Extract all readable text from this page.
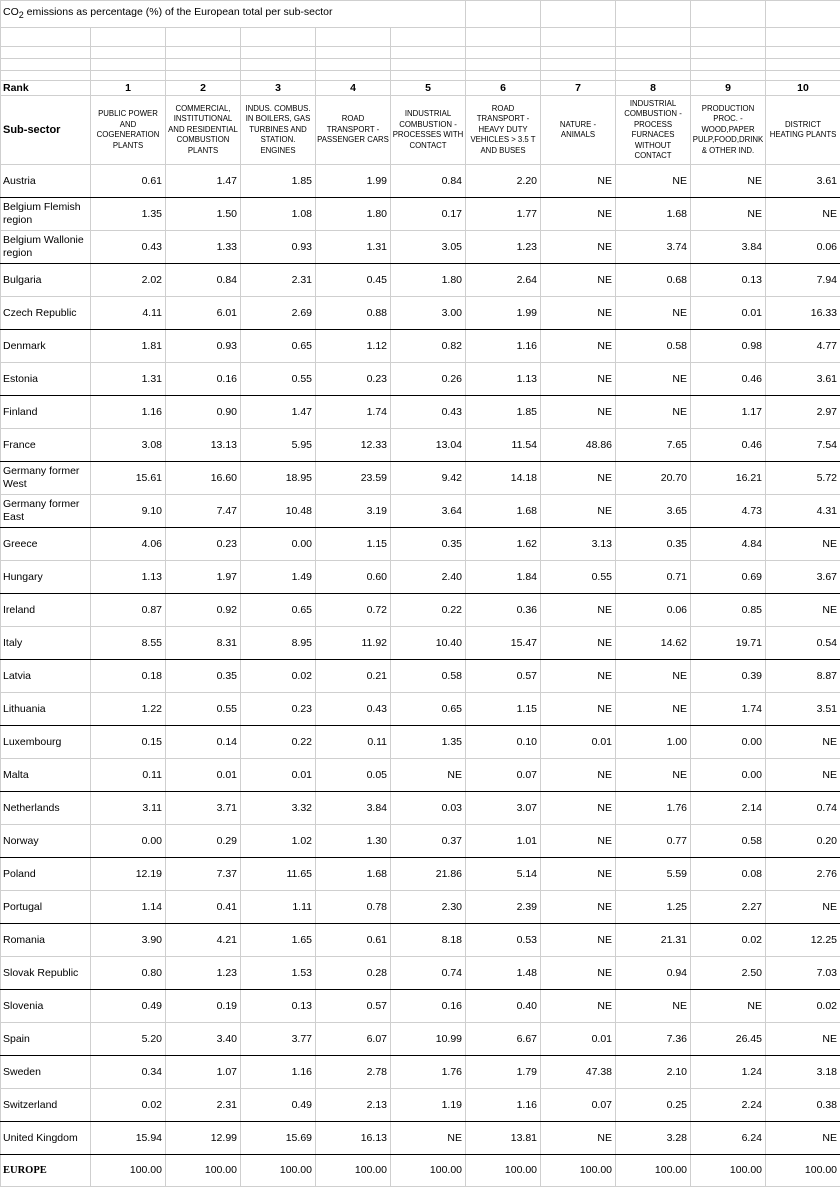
$CO_2$ emissions as percentage (%) of the European total per sub-sector										

Rank	1	2	3	4	5	6	7	8	9	10
Sub-sector	PUBLIC POWER AND COGENERATION PLANTS	COMMERCIAL, INSTITUTIONAL AND RESIDENTIAL COMBUSTION PLANTS	INDUS. COMBUS. IN BOILERS, GAS TURBINES AND STATION. ENGINES	ROAD TRANSPORT - PASSENGER CARS	INDUSTRIAL COMBUSTION - PROCESSES WITH CONTACT	ROAD TRANSPORT - HEAVY DUTY VEHICLES > 3.5 T AND BUSES	NATURE - ANIMALS	INDUSTRIAL COMBUSTION - PROCESS FURNACES WITHOUT CONTACT	PRODUCTION PROC. - WOOD,PAPER PULP,FOOD,DRINK & OTHER IND.	DISTRICT HEATING PLANTS
Austria	0.61	1.47	1.85	1.99	0.84	2.20	NE	NE	NE	3.61
Belgium Flemish region	1.35	1.50	1.08	1.80	0.17	1.77	NE	1.68	NE	NE
Belgium Wallonie region	0.43	1.33	0.93	1.31	3.05	1.23	NE	3.74	3.84	0.06
Bulgaria	2.02	0.84	2.31	0.45	1.80	2.64	NE	0.68	0.13	7.94
Czech Republic	4.11	6.01	2.69	0.88	3.00	1.99	NE	NE	0.01	16.33
Denmark	1.81	0.93	0.65	1.12	0.82	1.16	NE	0.58	0.98	4.77
Estonia	1.31	0.16	0.55	0.23	0.26	1.13	NE	NE	0.46	3.61
Finland	1.16	0.90	1.47	1.74	0.43	1.85	NE	NE	1.17	2.97
France	3.08	13.13	5.95	12.33	13.04	11.54	48.86	7.65	0.46	7.54
Germany former West	15.61	16.60	18.95	23.59	9.42	14.18	NE	20.70	16.21	5.72
Germany former East	9.10	7.47	10.48	3.19	3.64	1.68	NE	3.65	4.73	4.31
Greece	4.06	0.23	0.00	1.15	0.35	1.62	3.13	0.35	4.84	NE
Hungary	1.13	1.97	1.49	0.60	2.40	1.84	0.55	0.71	0.69	3.67
Ireland	0.87	0.92	0.65	0.72	0.22	0.36	NE	0.06	0.85	NE
Italy	8.55	8.31	8.95	11.92	10.40	15.47	NE	14.62	19.71	0.54
Latvia	0.18	0.35	0.02	0.21	0.58	0.57	NE	NE	0.39	8.87
Lithuania	1.22	0.55	0.23	0.43	0.65	1.15	NE	NE	1.74	3.51
Luxembourg	0.15	0.14	0.22	0.11	1.35	0.10	0.01	1.00	0.00	NE
Malta	0.11	0.01	0.01	0.05	NE	0.07	NE	NE	0.00	NE
Netherlands	3.11	3.71	3.32	3.84	0.03	3.07	NE	1.76	2.14	0.74
Norway	0.00	0.29	1.02	1.30	0.37	1.01	NE	0.77	0.58	0.20
Poland	12.19	7.37	11.65	1.68	21.86	5.14	NE	5.59	0.08	2.76
Portugal	1.14	0.41	1.11	0.78	2.30	2.39	NE	1.25	2.27	NE
Romania	3.90	4.21	1.65	0.61	8.18	0.53	NE	21.31	0.02	12.25
Slovak Republic	0.80	1.23	1.53	0.28	0.74	1.48	NE	0.94	2.50	7.03
Slovenia	0.49	0.19	0.13	0.57	0.16	0.40	NE	NE	NE	0.02
Spain	5.20	3.40	3.77	6.07	10.99	6.67	0.01	7.36	26.45	NE
Sweden	0.34	1.07	1.16	2.78	1.76	1.79	47.38	2.10	1.24	3.18
Switzerland	0.02	2.31	0.49	2.13	1.19	1.16	0.07	0.25	2.24	0.38
United Kingdom	15.94	12.99	15.69	16.13	NE	13.81	NE	3.28	6.24	NE
EUROPE	100.00	100.00	100.00	100.00	100.00	100.00	100.00	100.00	100.00	100.00
